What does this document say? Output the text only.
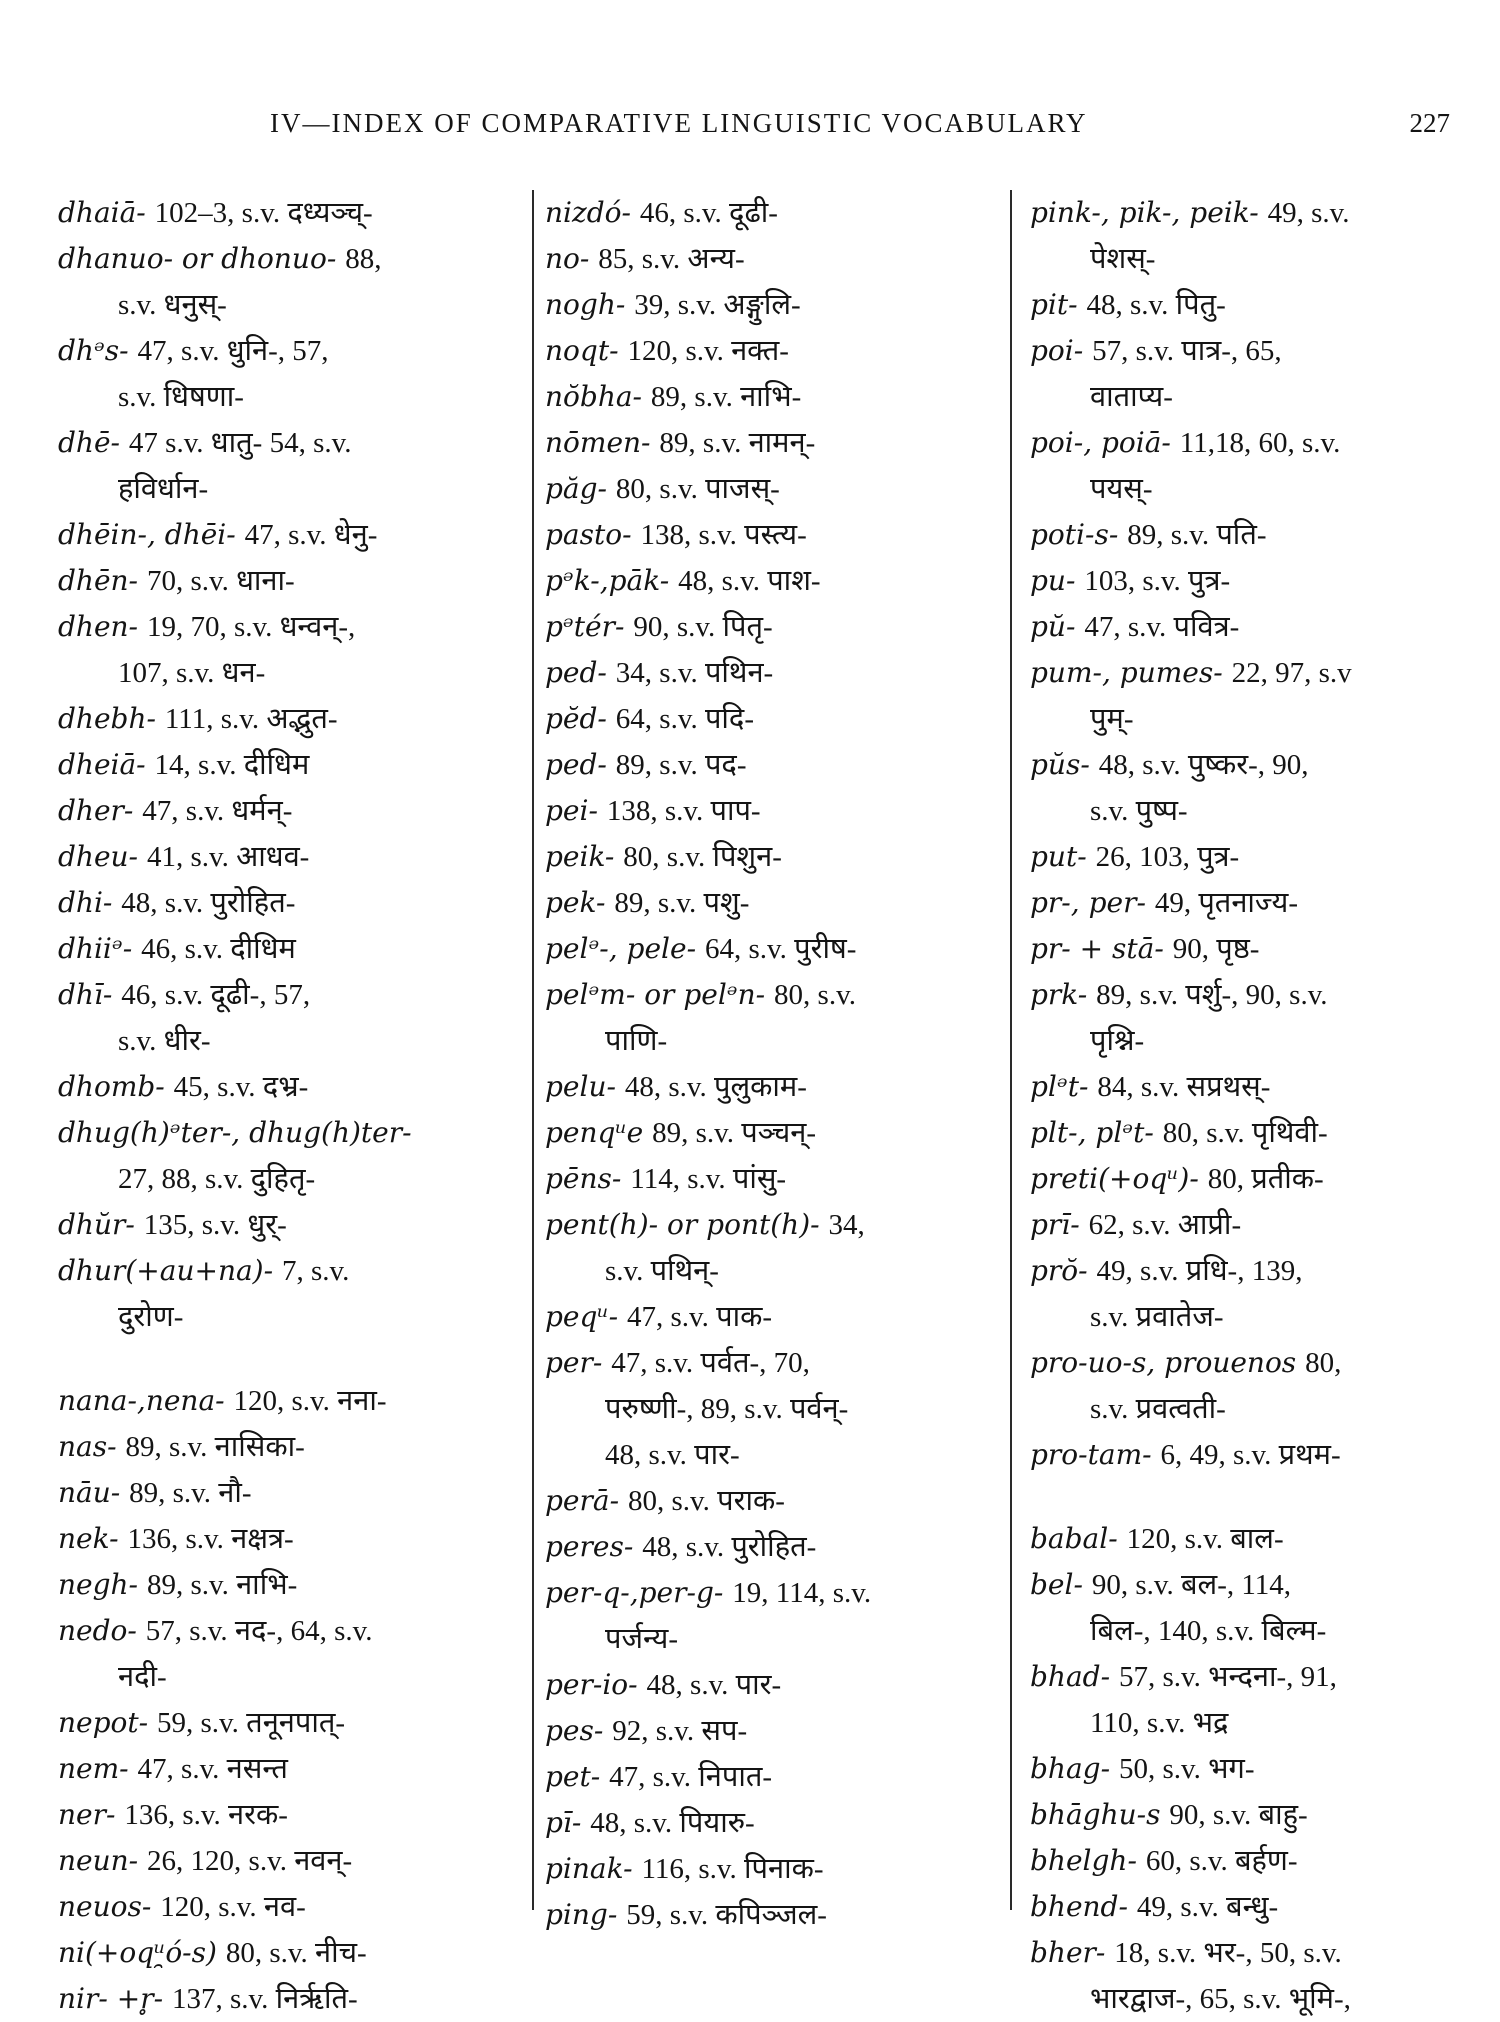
IV—INDEX OF COMPARATIVE LINGUISTIC VOCABULARY	227
dhaiā- 102–3, s.v. दध्यञ्च्-
dhanuo- or dhonuo- 88,
s.v. धनुस्-
dhᵊs- 47, s.v. धुनि-, 57,
s.v. धिषणा-
dhē- 47 s.v. धातु- 54, s.v.
हविर्धान-
dhēin-, dhēi- 47, s.v. धेनु-
dhēn- 70, s.v. धाना-
dhen- 19, 70, s.v. धन्वन्-,
107, s.v. धन-
dhebh- 111, s.v. अद्भुत-
dheiā- 14, s.v. दीधिम
dher- 47, s.v. धर्मन्-
dheu- 41, s.v. आधव-
dhi- 48, s.v. पुरोहित-
dhiiᵊ- 46, s.v. दीधिम
dhī- 46, s.v. दूढी-, 57,
s.v. धीर-
dhomb- 45, s.v. दभ्र-
dhug(h)ᵊter-, dhug(h)ter-
27, 88, s.v. दुहितृ-
dhŭr- 135, s.v. धुर्-
dhur(+au+na)- 7, s.v.
दुरोण-
nana-,nena- 120, s.v. नना-
nas- 89, s.v. नासिका-
nāu- 89, s.v. नौ-
nek- 136, s.v. नक्षत्र-
negh- 89, s.v. नाभि-
nedo- 57, s.v. नद-, 64, s.v.
नदी-
nepot- 59, s.v. तनूनपात्-
nem- 47, s.v. नसन्त
ner- 136, s.v. नरक-
neun- 26, 120, s.v. नवन्-
neuos- 120, s.v. नव-
ni(+oqᵘ̯ó-s) 80, s.v. नीच-
nir- +r̥- 137, s.v. निर्ऋति-
nizdó- 46, s.v. दूढी-
no- 85, s.v. अन्य-
nogh- 39, s.v. अङ्गुलि-
noqt- 120, s.v. नक्त-
nŏbha- 89, s.v. नाभि-
nōmen- 89, s.v. नामन्-
păg- 80, s.v. पाजस्-
pasto- 138, s.v. पस्त्य-
pᵊk-,pāk- 48, s.v. पाश-
pᵊtér- 90, s.v. पितृ-
ped- 34, s.v. पथिन-
pĕd- 64, s.v. पदि-
ped- 89, s.v. पद-
pei- 138, s.v. पाप-
peik- 80, s.v. पिशुन-
pek- 89, s.v. पशु-
pelᵊ-, pele- 64, s.v. पुरीष-
pelᵊm- or pelᵊn- 80, s.v.
पाणि-
pelu- 48, s.v. पुलुकाम-
penqᵘe 89, s.v. पञ्चन्-
pēns- 114, s.v. पांसु-
pent(h)- or pont(h)- 34,
s.v. पथिन्-
peqᵘ- 47, s.v. पाक-
per- 47, s.v. पर्वत-, 70,
परुष्णी-, 89, s.v. पर्वन्-
48, s.v. पार-
perā- 80, s.v. पराक-
peres- 48, s.v. पुरोहित-
per-q-,per-g- 19, 114, s.v.
पर्जन्य-
per-io- 48, s.v. पार-
pes- 92, s.v. सप-
pet- 47, s.v. निपात-
pī- 48, s.v. पियारु-
pinak- 116, s.v. पिनाक-
ping- 59, s.v. कपिञ्जल-
pink-, pik-, peik- 49, s.v.
पेशस्-
pit- 48, s.v. पितु-
poi- 57, s.v. पात्र-, 65,
वाताप्य-
poi-, poiā- 11,18, 60, s.v.
पयस्-
poti-s- 89, s.v. पति-
pu- 103, s.v. पुत्र-
pŭ- 47, s.v. पवित्र-
pum-, pumes- 22, 97, s.v
पुम्-
pŭs- 48, s.v. पुष्कर-, 90,
s.v. पुष्प-
put- 26, 103, पुत्र-
pr-, per- 49, पृतनाज्य-
pr- + stā- 90, पृष्ठ-
prk- 89, s.v. पर्शु-, 90, s.v.
पृश्नि-
plᵊt- 84, s.v. सप्रथस्-
plt-, plᵊt- 80, s.v. पृथिवी-
preti(+oqᵘ)- 80, प्रतीक-
prī- 62, s.v. आप्री-
prŏ- 49, s.v. प्रधि-, 139,
s.v. प्रवातेज-
pro-uo-s, prouenos 80,
s.v. प्रवत्वती-
pro-tam- 6, 49, s.v. प्रथम-
babal- 120, s.v. बाल-
bel- 90, s.v. बल-, 114,
बिल-, 140, s.v. बिल्म-
bhad- 57, s.v. भन्दना-, 91,
110, s.v. भद्र
bhag- 50, s.v. भग-
bhāghu-s 90, s.v. बाहु-
bhelgh- 60, s.v. बर्हण-
bhend- 49, s.v. बन्धु-
bher- 18, s.v. भर-, 50, s.v.
भारद्वाज-, 65, s.v. भूमि-,
